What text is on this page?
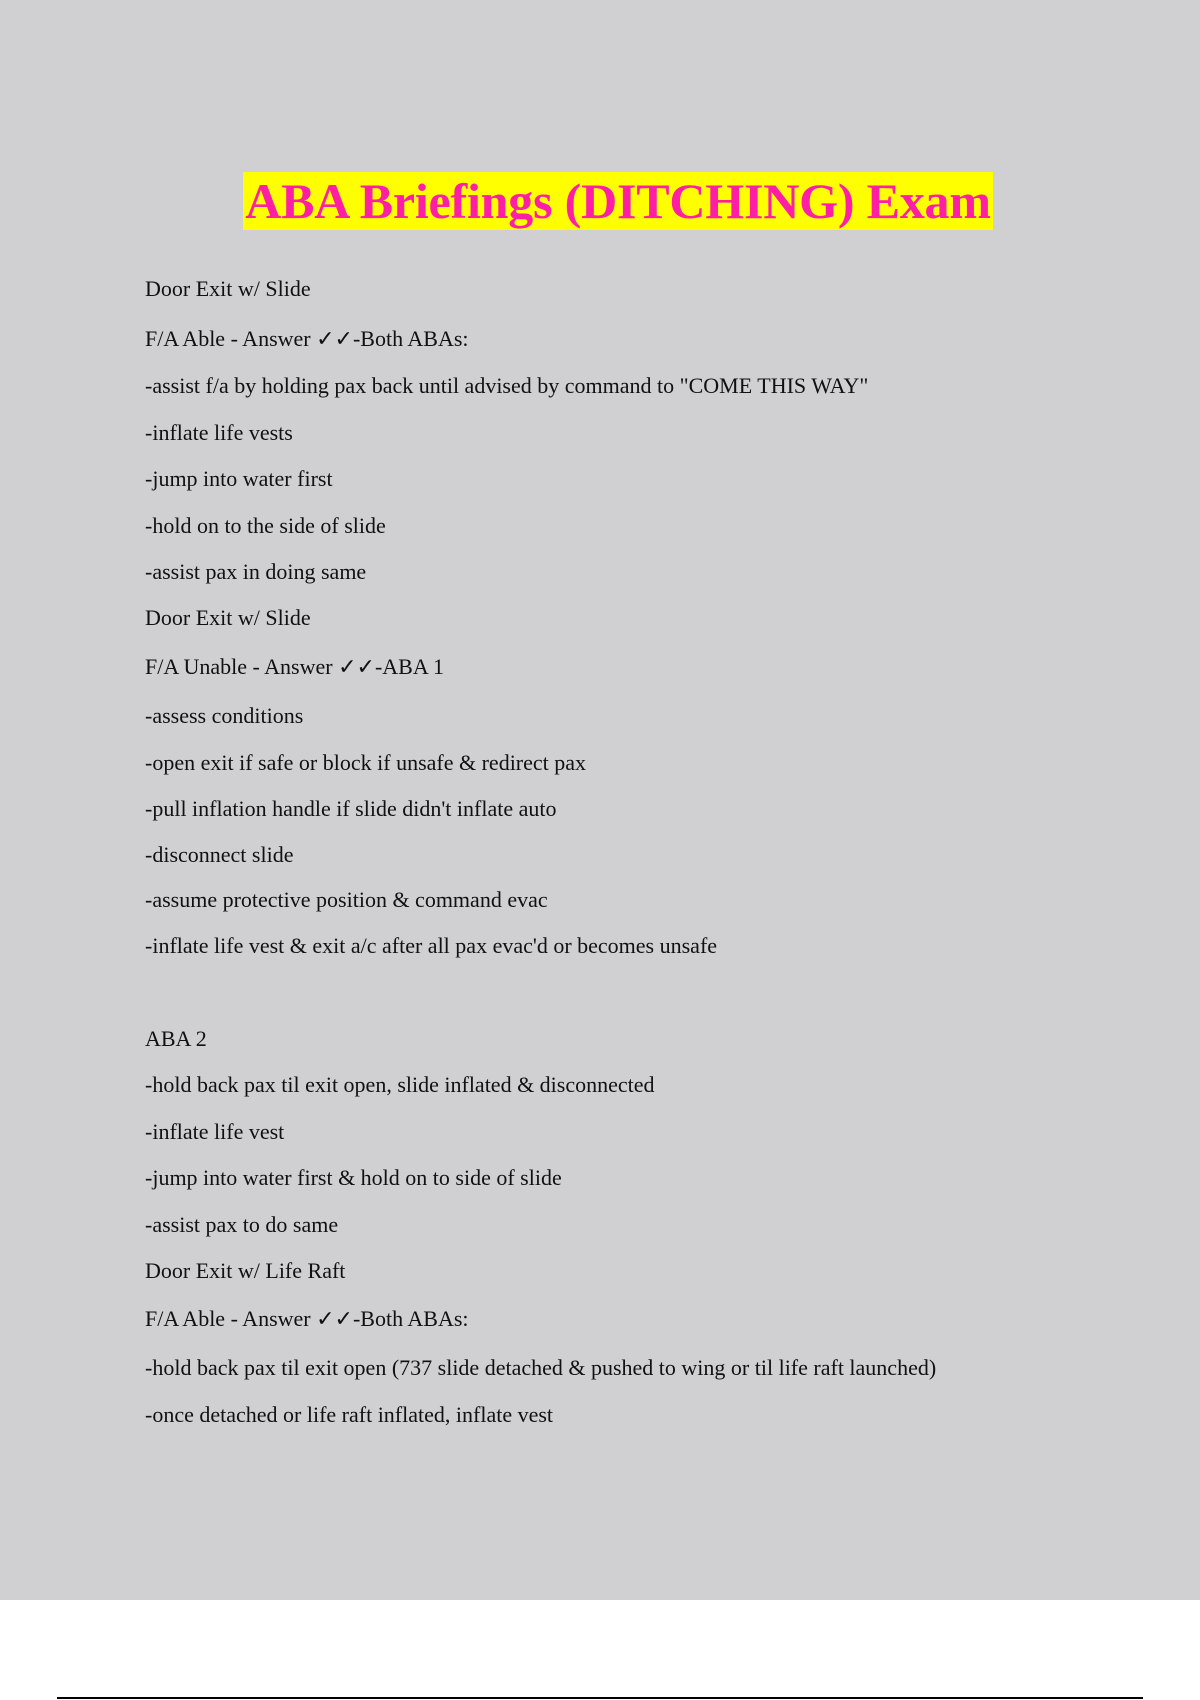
ABA Briefings (DITCHING) Exam
Door Exit w/ Slide
F/A Able - Answer ✓✓-Both ABAs:
-assist f/a by holding pax back until advised by command to "COME THIS WAY"
-inflate life vests
-jump into water first
-hold on to the side of slide
-assist pax in doing same
Door Exit w/ Slide
F/A Unable - Answer ✓✓-ABA 1
-assess conditions
-open exit if safe or block if unsafe & redirect pax
-pull inflation handle if slide didn't inflate auto
-disconnect slide
-assume protective position & command evac
-inflate life vest & exit a/c after all pax evac'd or becomes unsafe
ABA 2
-hold back pax til exit open, slide inflated & disconnected
-inflate life vest
-jump into water first & hold on to side of slide
-assist pax to do same
Door Exit w/ Life Raft
F/A Able - Answer ✓✓-Both ABAs:
-hold back pax til exit open (737 slide detached & pushed to wing or til life raft launched)
-once detached or life raft inflated, inflate vest
